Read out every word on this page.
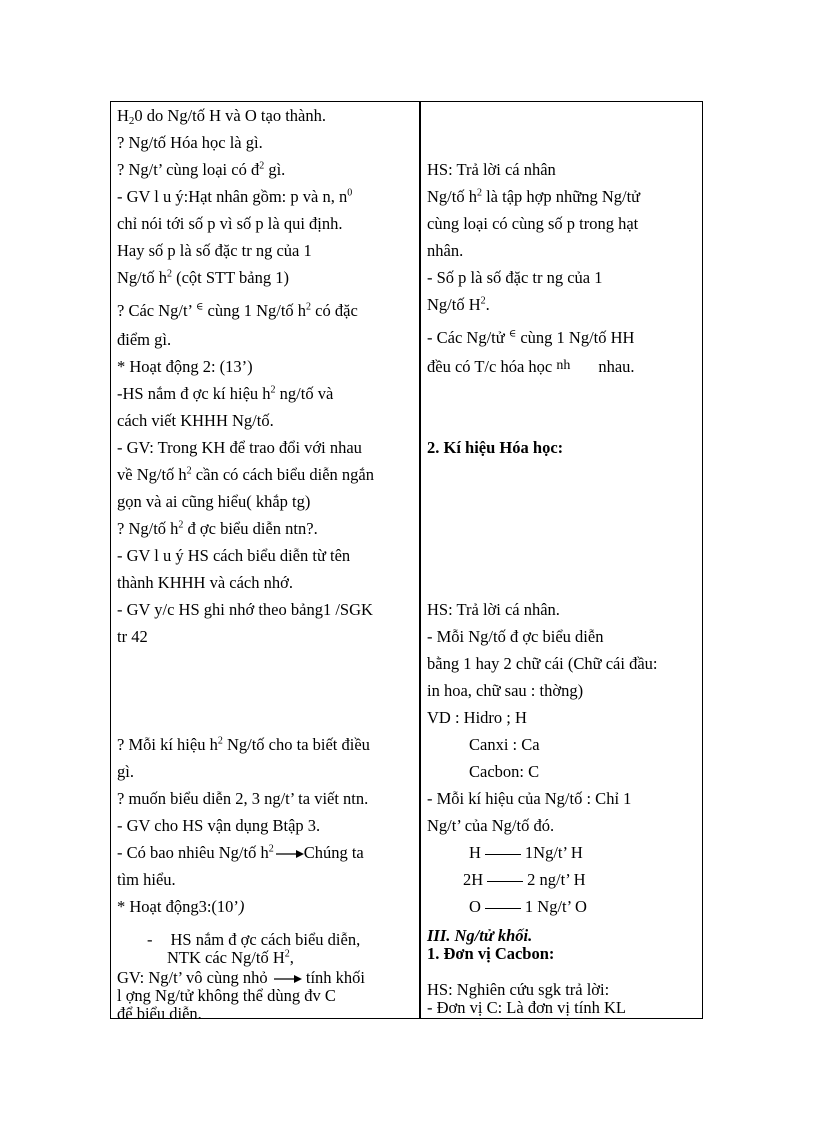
H20 do Ng/tố H và O tạo thành.
? Ng/tố Hóa học là gì.
? Ng/t’ cùng loại có $đ^2$ gì.
- GV l u ý:Hạt nhân gồm: p và n, $n^0$
chỉ nói tới số p vì số p là qui định.
Hay số p là số đặc tr ng của 1
Ng/tố $h^2$ (cột STT bảng 1)
? Các Ng/t’ ∈ cùng 1 Ng/tố $h^2$ có đặc
điểm gì.
* Hoạt động 2: (13’)
-HS nắm đ ợc kí hiệu $h^2$ ng/tố và
cách viết KHHH Ng/tố.
- GV: Trong KH để trao đổi với nhau
về Ng/tố $h^2$ cần có cách biểu diễn ngắn
gọn và ai cũng hiểu( khắp tg)
? Ng/tố $h^2$ đ ợc biểu diễn ntn?.
- GV l u ý HS cách biểu diễn từ tên
thành KHHH và cách nhớ.
- GV y/c HS ghi nhớ theo bảng1 /SGK
tr 42
? Mỗi kí hiệu $h^2$ Ng/tố cho ta biết điều
gì.
? muốn biểu diễn 2, 3 ng/t’ ta viết ntn.
- GV cho HS vận dụng Btập 3.
- Có bao nhiêu Ng/tố $h^2$ Chúng ta
tìm hiểu.
* Hoạt động3:(10’)
- HS nắm đ ợc cách biểu diễn,
NTK các Ng/tố $H^2$,
GV: Ng/t’ vô cùng nhỏ  tính khối
l ợng Ng/tử không thể dùng đv C
để biểu diễn.
HS: Trả lời cá nhân
Ng/tố $h^2$ là tập hợp những Ng/tử
cùng loại có cùng số p trong hạt
nhân.
- Số p là số đặc tr ng của 1
Ng/tố $H^2$.
- Các Ng/tử ∈ cùng 1 Ng/tố HH
đều có T/c hóa học nh nhau.
2. Kí hiệu Hóa học:
HS: Trả lời cá nhân.
- Mỗi Ng/tố đ ợc biểu diễn
bằng 1 hay 2 chữ cái (Chữ cái đầu:
in hoa, chữ sau : thờng)
VD : Hidro ; H
Canxi : Ca
Cacbon: C
- Mỗi kí hiệu của Ng/tố : Chỉ 1
Ng/t’ của Ng/tố đó.
H	1Ng/t’ H
2H	2 ng/t’ H
O	1 Ng/t’ O
III. Ng/tử khối.
1. Đơn vị Cacbon:
HS: Nghiên cứu sgk trả lời:
- Đơn vị C: Là đơn vị tính KL
